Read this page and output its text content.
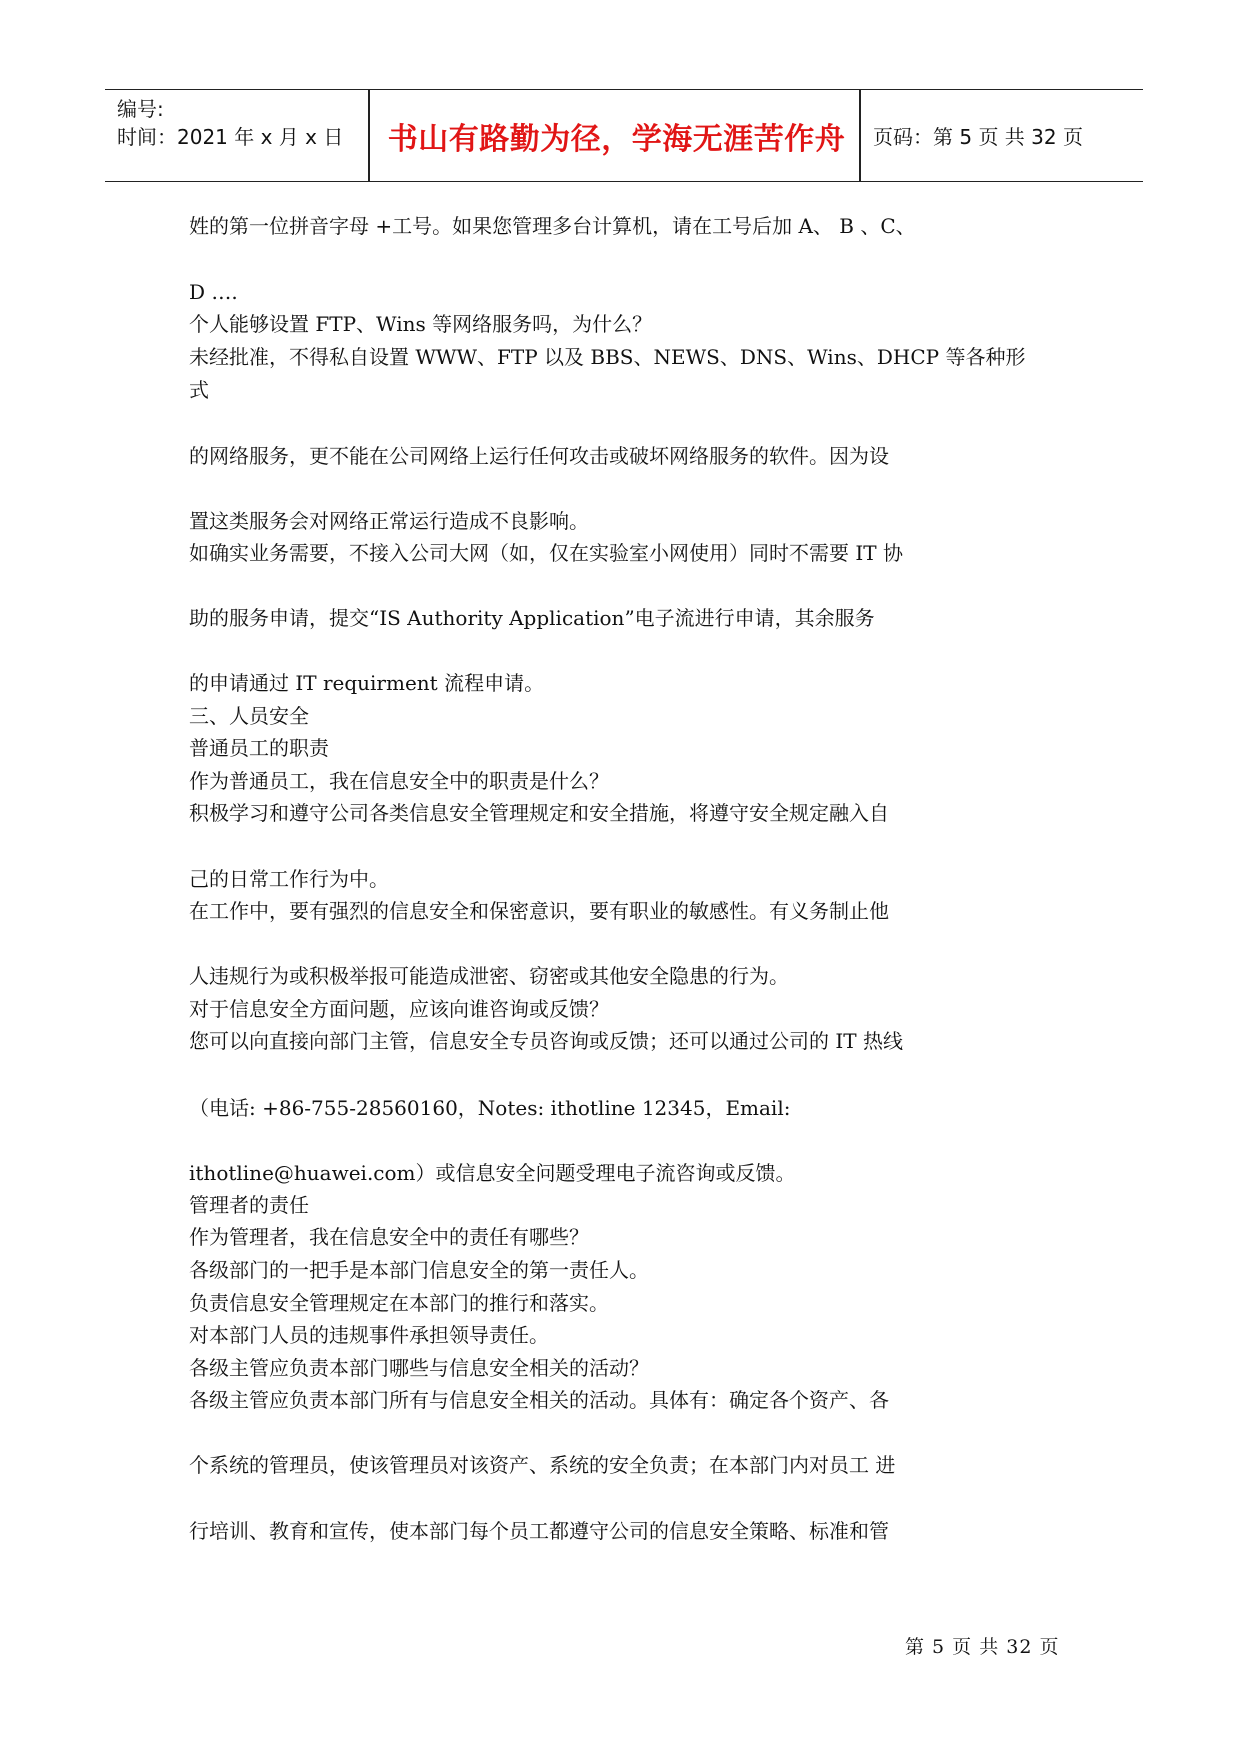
编号:
时间：2021 年 x 月 x 日	书山有路勤为径，学海无涯苦作舟	页码：第 5 页 共 32 页
姓的第一位拼音字母 +工号。如果您管理多台计算机，请在工号后加 A、 B 、C、
D ….
个人能够设置 FTP、Wins 等网络服务吗，为什么？
未经批准，不得私自设置 WWW、FTP 以及 BBS、NEWS、DNS、Wins、DHCP 等各种形
式
的网络服务，更不能在公司网络上运行任何攻击或破坏网络服务的软件。因为设
置这类服务会对网络正常运行造成不良影响。
如确实业务需要，不接入公司大网（如，仅在实验室小网使用）同时不需要 IT 协
助的服务申请，提交“IS Authority Application”电子流进行申请，其余服务
的申请通过 IT requirment 流程申请。
三、人员安全
普通员工的职责
作为普通员工，我在信息安全中的职责是什么？
积极学习和遵守公司各类信息安全管理规定和安全措施，将遵守安全规定融入自
己的日常工作行为中。
在工作中，要有强烈的信息安全和保密意识，要有职业的敏感性。有义务制止他
人违规行为或积极举报可能造成泄密、窃密或其他安全隐患的行为。
对于信息安全方面问题，应该向谁咨询或反馈？
您可以向直接向部门主管，信息安全专员咨询或反馈；还可以通过公司的 IT 热线
（电话: +86-755-28560160，Notes: ithotline 12345，Email:
ithotline@huawei.com）或信息安全问题受理电子流咨询或反馈。
管理者的责任
作为管理者，我在信息安全中的责任有哪些？
各级部门的一把手是本部门信息安全的第一责任人。
负责信息安全管理规定在本部门的推行和落实。
对本部门人员的违规事件承担领导责任。
各级主管应负责本部门哪些与信息安全相关的活动？
各级主管应负责本部门所有与信息安全相关的活动。具体有：确定各个资产、各
个系统的管理员，使该管理员对该资产、系统的安全负责；在本部门内对员工 进
行培训、教育和宣传，使本部门每个员工都遵守公司的信息安全策略、标准和管
第 5 页 共 32 页
